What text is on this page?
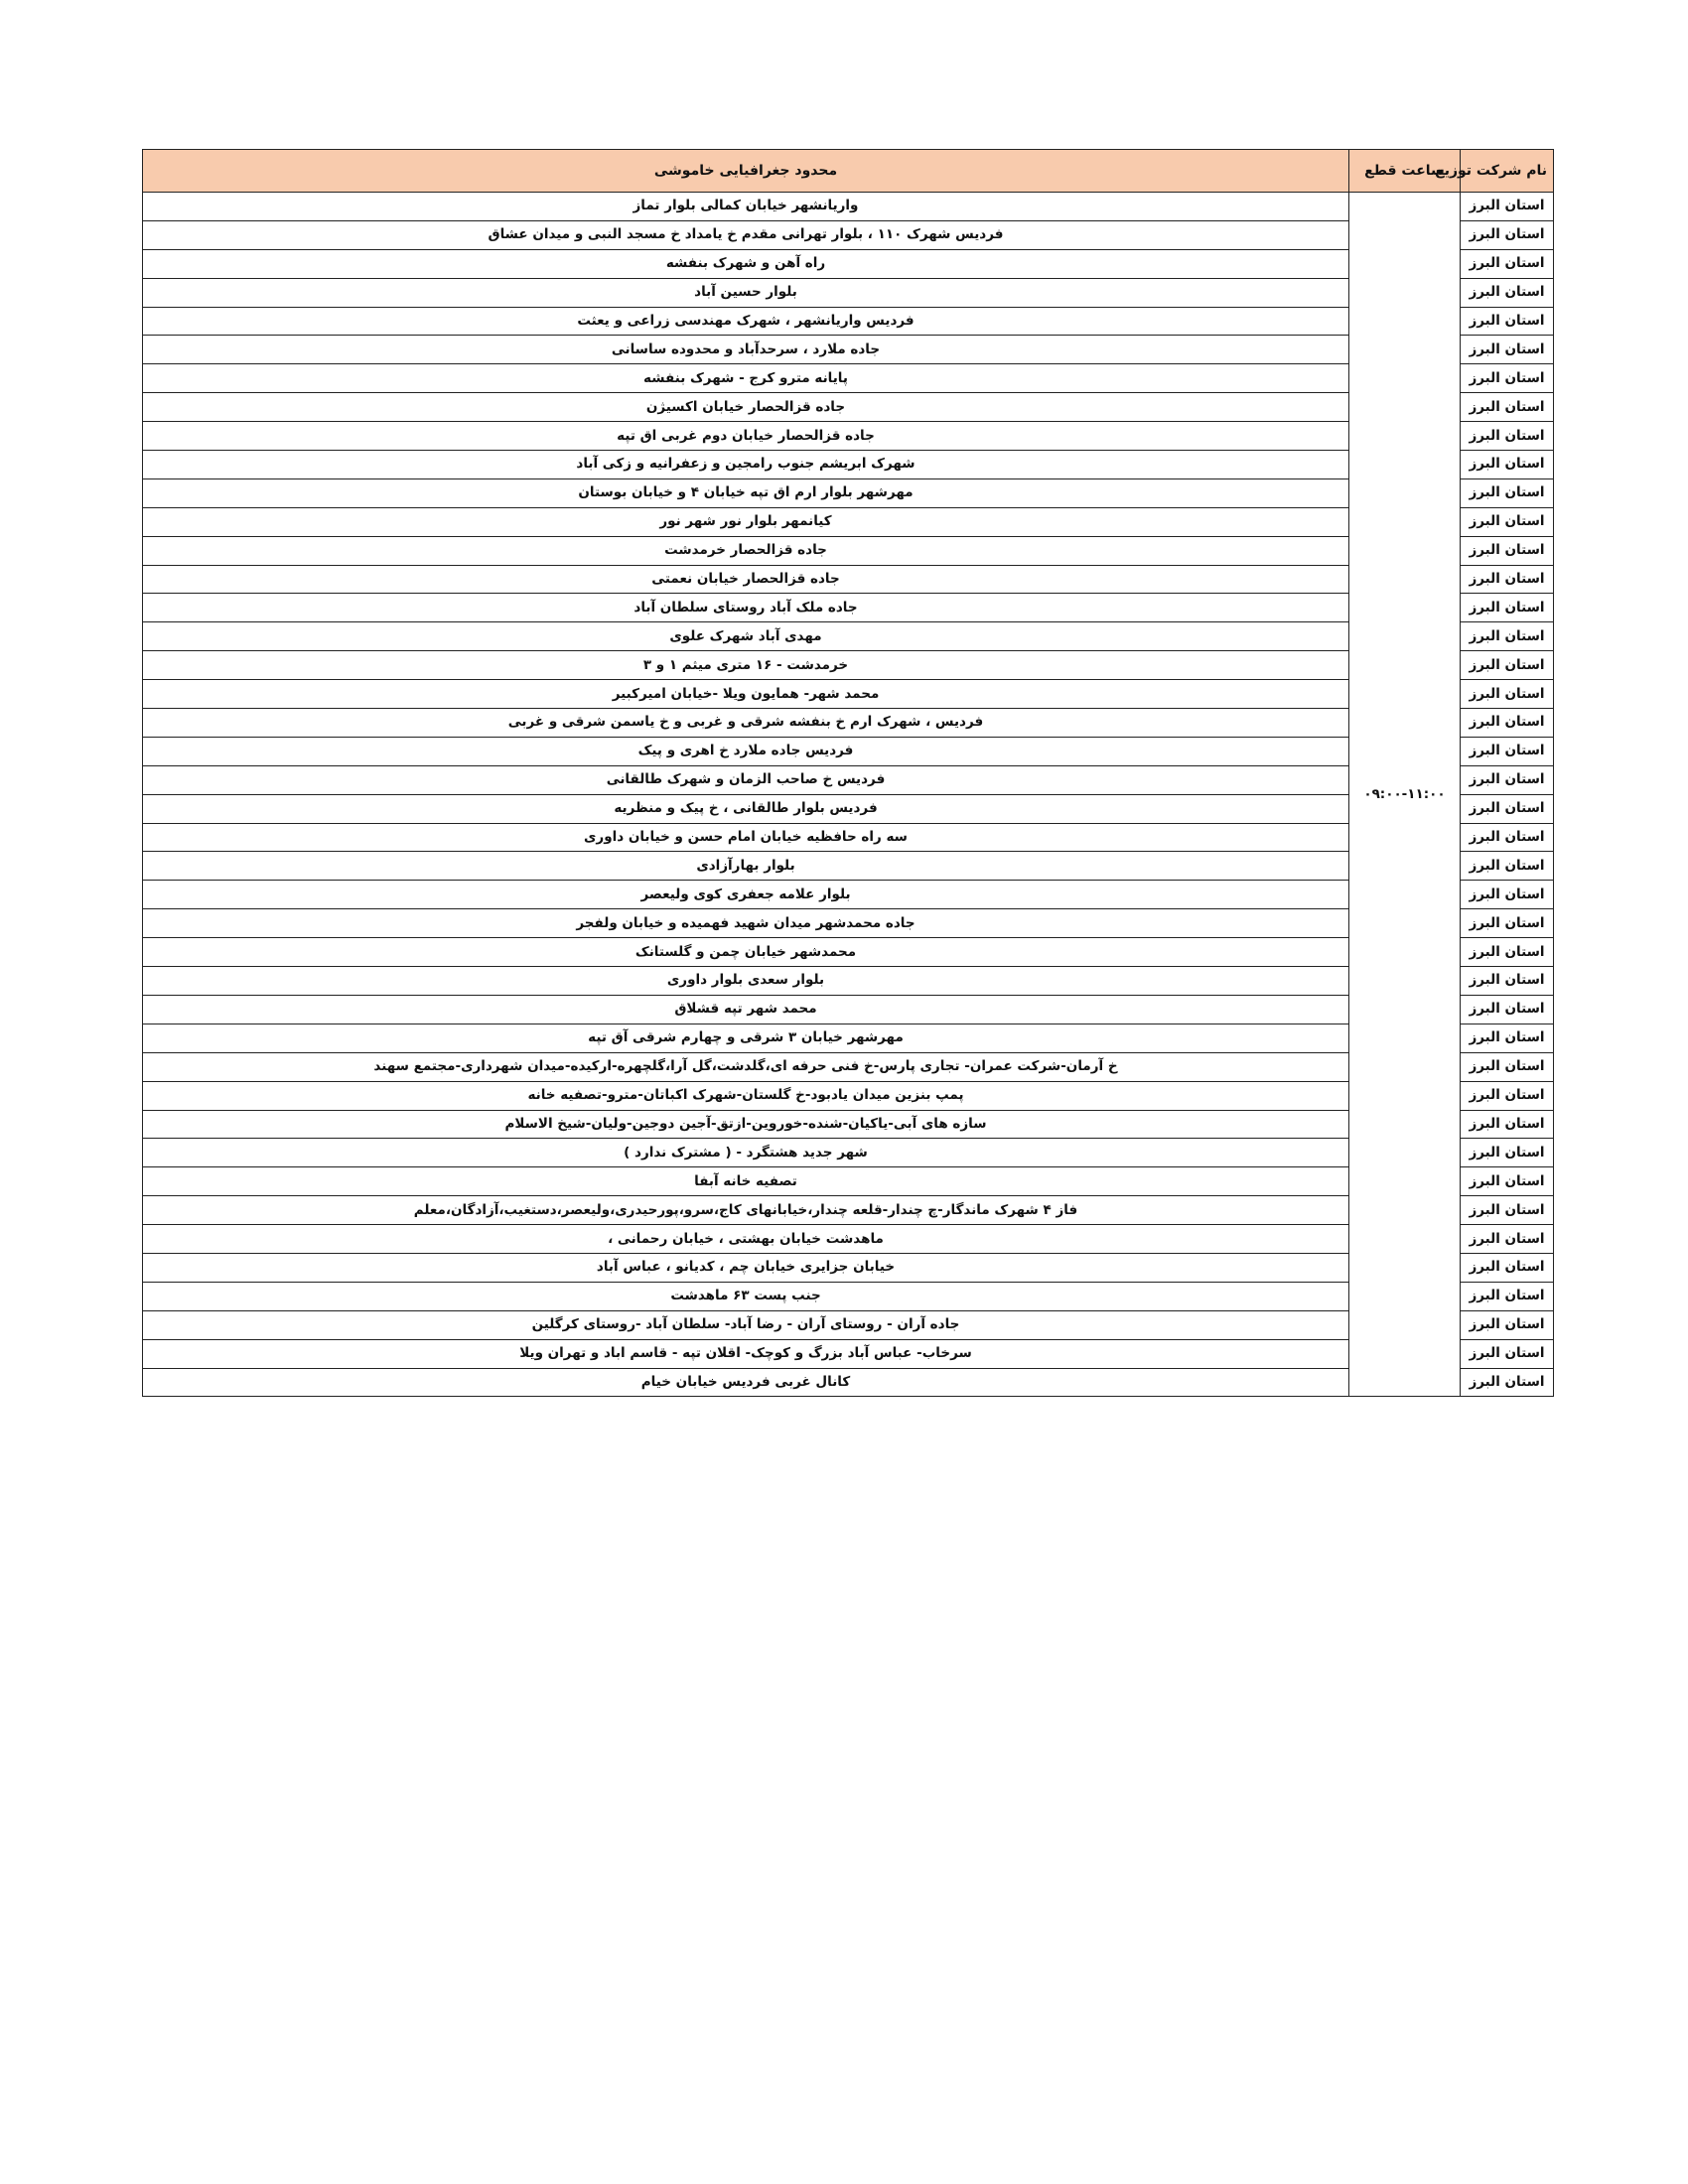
نام شرکت توزیع	ساعت قطع	محدود جغرافیایی خاموشی
استان البرز	۰۹:۰۰-۱۱:۰۰	واریانشهر خیابان کمالی بلوار تماز
استان البرز		فردیس شهرک ۱۱۰ ، بلوار تهرانی مقدم خ یامداد خ مسجد النبی و میدان عشاق
استان البرز		راه آهن و شهرک بنفشه
استان البرز		بلوار حسین آباد
استان البرز		فردیس واریانشهر ، شهرک مهندسی زراعی و یعثت
استان البرز		جاده ملارد ، سرحدآباد و محدوده ساسانی
استان البرز		پایانه مترو کرج - شهرک بنفشه
استان البرز		جاده قزالحصار خیابان اکسیژن
استان البرز		جاده قزالحصار خیابان دوم غربی اق تپه
استان البرز		شهرک ابریشم جنوب رامجین و زعفرانیه و زکی آباد
استان البرز		مهرشهر بلوار ارم اق تپه خیابان ۴ و خیابان بوستان
استان البرز		کیانمهر بلوار نور شهر نور
استان البرز		جاده قزالحصار خرمدشت
استان البرز		جاده قزالحصار خیابان نعمتی
استان البرز		جاده ملک آباد روستای سلطان آباد
استان البرز		مهدی آباد شهرک علوی
استان البرز		خرمدشت - ۱۶ متری میثم ۱ و ۳
استان البرز		محمد شهر- همایون ویلا -خیابان امیرکبیر
استان البرز		فردیس ، شهرک ارم خ بنفشه شرقی و غربی و خ یاسمن شرقی و غربی
استان البرز		فردیس جاده ملارد خ اهری و پیک
استان البرز		فردیس خ صاحب الزمان و شهرک طالقانی
استان البرز		فردیس بلوار طالقانی ، خ پیک و منظریه
استان البرز		سه راه حافظیه خیابان امام حسن و خیابان داوری
استان البرز		بلوار بهارآزادی
استان البرز		بلوار علامه جعفری کوی ولیعصر
استان البرز		جاده محمدشهر میدان شهید فهمیده و خیابان ولفجر
استان البرز		محمدشهر خیابان چمن و گلستانک
استان البرز		بلوار سعدی بلوار داوری
استان البرز		محمد شهر تپه قشلاق
استان البرز		مهرشهر خیابان ۳ شرقی و چهارم شرقی آق تپه
استان البرز		خ آرمان-شرکت عمران- تجاری پارس-خ فنی حرفه ای،گلدشت،گل آرا،گلچهره-ارکیده-میدان شهرداری-مجتمع سهند
استان البرز		پمپ بنزین میدان یادبود-خ گلستان-شهرک اکباتان-مترو-تصفیه خانه
استان البرز		سازه های آبی-یاکیان-شنده-خوروین-ازتق-آجین دوجین-ولیان-شیخ الاسلام
استان البرز		شهر جدید هشتگرد - ( مشترک ندارد )
استان البرز		تصفیه خانه آبفا
استان البرز		فاز ۴ شهرک ماندگار-چ چندار-قلعه چندار،خیابانهای کاج،سرو،پورحیدری،ولیعصر،دستغیب،آزادگان،معلم
استان البرز		ماهدشت خیابان بهشتی ، خیابان رحمانی ،
استان البرز		خیابان جزایری خیابان چم ، کدیانو ، عباس آباد
استان البرز		جنب پست ۶۳ ماهدشت
استان البرز		جاده آران - روستای آران - رضا آباد- سلطان آباد -روستای کرگلین
استان البرز		سرخاب- عباس آباد بزرگ و کوچک- اقلان تپه - قاسم اباد و تهران ویلا
استان البرز		کانال غربی فردیس خیابان خیام
